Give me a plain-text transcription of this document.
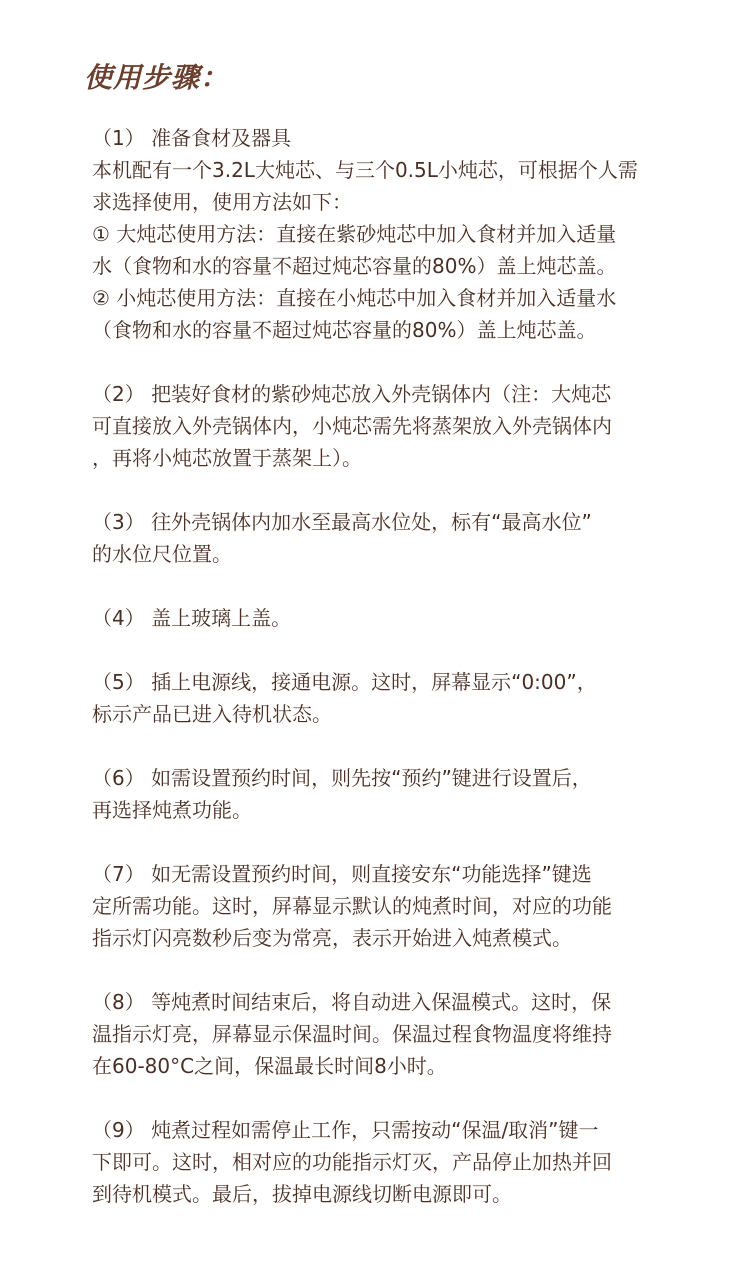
使用步骤：
（1） 准备食材及器具
本机配有一个3.2L大炖芯、与三个0.5L小炖芯，可根据个人需
求选择使用，使用方法如下：
① 大炖芯使用方法：直接在紫砂炖芯中加入食材并加入适量
水（食物和水的容量不超过炖芯容量的80%）盖上炖芯盖。
② 小炖芯使用方法：直接在小炖芯中加入食材并加入适量水
（食物和水的容量不超过炖芯容量的80%）盖上炖芯盖。
（2） 把装好食材的紫砂炖芯放入外壳锅体内（注：大炖芯
可直接放入外壳锅体内，小炖芯需先将蒸架放入外壳锅体内
，再将小炖芯放置于蒸架上）。
（3） 往外壳锅体内加水至最高水位处，标有“最高水位”
的水位尺位置。
（4） 盖上玻璃上盖。
（5） 插上电源线，接通电源。这时，屏幕显示“0:00”，
标示产品已进入待机状态。
（6） 如需设置预约时间，则先按“预约”键进行设置后，
再选择炖煮功能。
（7） 如无需设置预约时间，则直接安东“功能选择”键选
定所需功能。这时，屏幕显示默认的炖煮时间，对应的功能
指示灯闪亮数秒后变为常亮，表示开始进入炖煮模式。
（8） 等炖煮时间结束后，将自动进入保温模式。这时，保
温指示灯亮，屏幕显示保温时间。保温过程食物温度将维持
在60-80°C之间，保温最长时间8小时。
（9） 炖煮过程如需停止工作，只需按动“保温/取消”键一
下即可。这时，相对应的功能指示灯灭，产品停止加热并回
到待机模式。最后，拔掉电源线切断电源即可。
